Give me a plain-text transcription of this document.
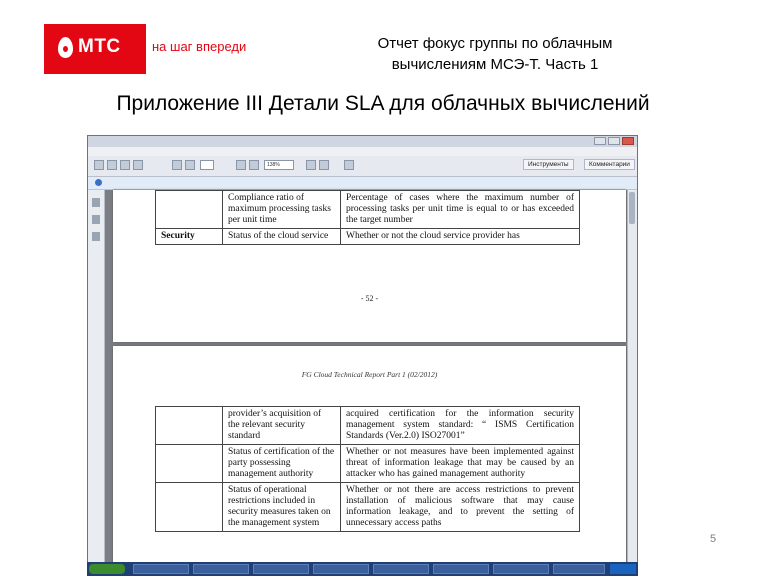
МТС на шаг впереди	Отчет фокус группы по облачным
вычислениям МСЭ-Т. Часть 1
Приложение III Детали SLA для облачных вычислений
138%	Инструменты	Комментарии
	Compliance ratio of maximum processing tasks per unit time	Percentage of cases where the maximum number of processing tasks per unit time is equal to or has exceeded the target number
Security	Status of the cloud service	Whether or not the cloud service provider has
- 52 -
FG Cloud Technical Report Part 1 (02/2012)
	provider’s acquisition of the relevant security standard	acquired certification for the information security management system standard: “ ISMS Certification Standards (Ver.2.0) ISO27001”
	Status of certification of the party possessing management authority	Whether or not measures have been implemented against threat of information leakage that may be caused by an attacker who has gained management authority
	Status of operational restrictions included in security measures taken on the management system	Whether or not there are access restrictions to prevent installation of malicious software that may cause information leakage, and to prevent the setting of unnecessary access paths
5
